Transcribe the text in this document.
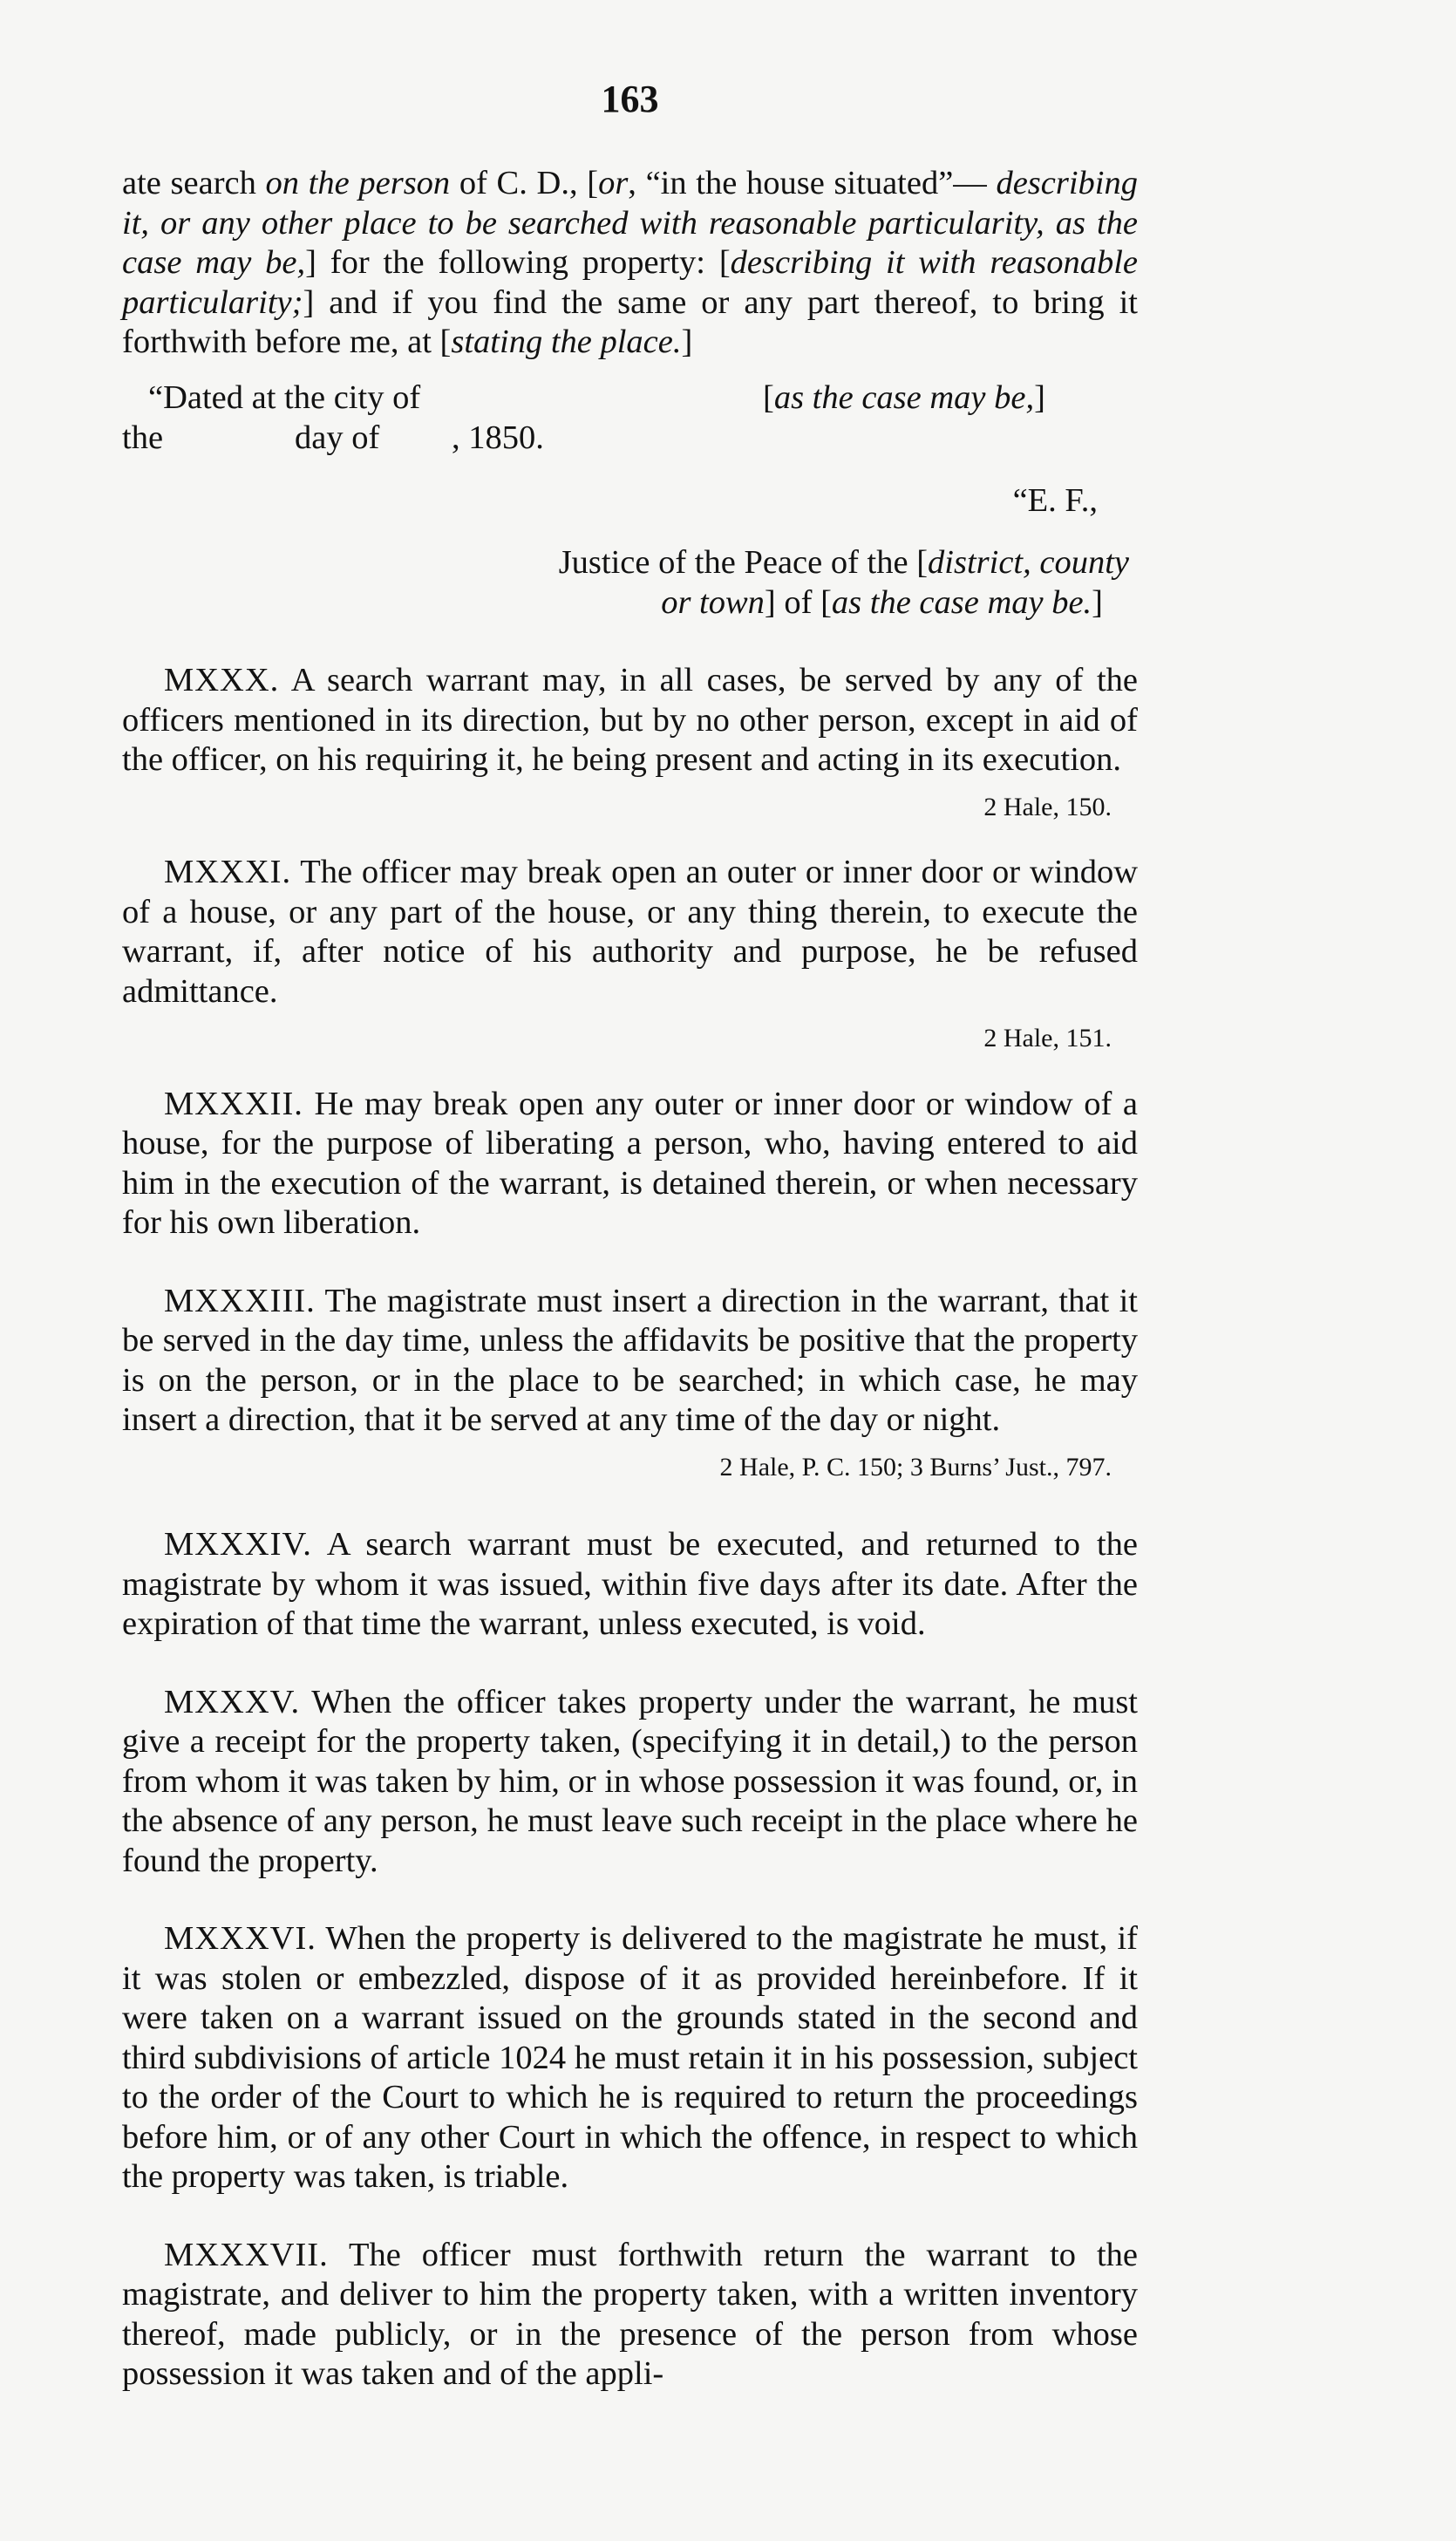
163

ate search on the person of C. D., [or, “in the house situated”— describing it, or any other place to be searched with reasonable particularity, as the case may be,] for the following property: [describing it with reasonable particularity;] and if you find the same or any part thereof, to bring it forthwith before me, at [stating the place.]

“Dated at the city of	[as the case may be,]
the	day of , 1850.

“E. F.,

Justice of the Peace of the [district, county

or town] of [as the case may be.]

MXXX. A search warrant may, in all cases, be served by any of the officers mentioned in its direction, but by no other person, except in aid of the officer, on his requiring it, he being present and acting in its execution.

2 Hale, 150.

MXXXI. The officer may break open an outer or inner door or window of a house, or any part of the house, or any thing therein, to execute the warrant, if, after notice of his authority and purpose, he be refused admittance.

2 Hale, 151.

MXXXII. He may break open any outer or inner door or window of a house, for the purpose of liberating a person, who, having entered to aid him in the execution of the warrant, is detained therein, or when necessary for his own liberation.

MXXXIII. The magistrate must insert a direction in the warrant, that it be served in the day time, unless the affidavits be positive that the property is on the person, or in the place to be searched; in which case, he may insert a direction, that it be served at any time of the day or night.

2 Hale, P. C. 150; 3 Burns’ Just., 797.

MXXXIV. A search warrant must be executed, and returned to the magistrate by whom it was issued, within five days after its date. After the expiration of that time the warrant, unless executed, is void.

MXXXV. When the officer takes property under the warrant, he must give a receipt for the property taken, (specifying it in detail,) to the person from whom it was taken by him, or in whose possession it was found, or, in the absence of any person, he must leave such receipt in the place where he found the property.

MXXXVI. When the property is delivered to the magistrate he must, if it was stolen or embezzled, dispose of it as provided hereinbefore. If it were taken on a warrant issued on the grounds stated in the second and third subdivisions of article 1024 he must retain it in his possession, subject to the order of the Court to which he is required to return the proceedings before him, or of any other Court in which the offence, in respect to which the property was taken, is triable.

MXXXVII. The officer must forthwith return the warrant to the magistrate, and deliver to him the property taken, with a written inventory thereof, made publicly, or in the presence of the person from whose possession it was taken and of the appli-
